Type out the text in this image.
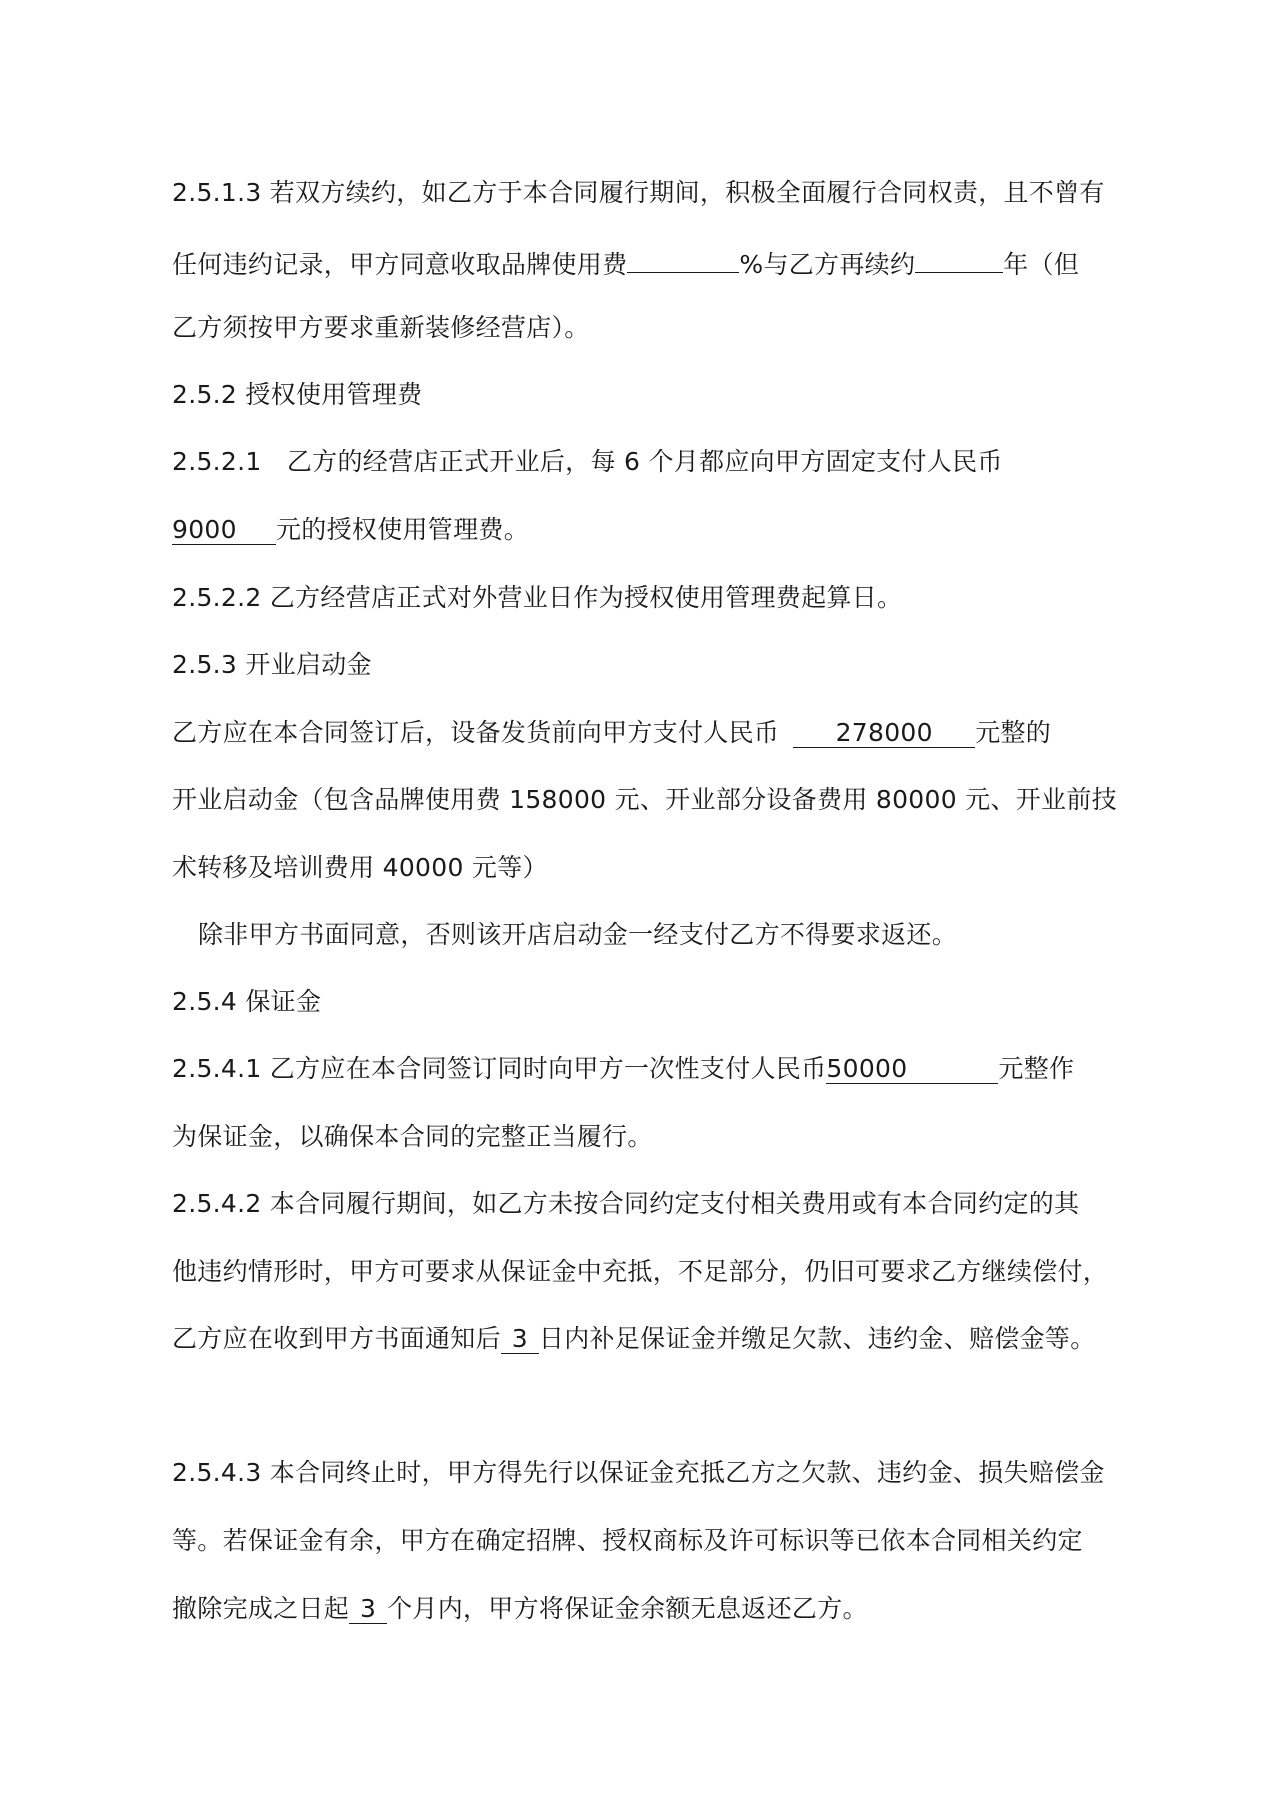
2.5.1.3 若双方续约，如乙方于本合同履行期间，积极全面履行合同权责，且不曾有
任何违约记录，甲方同意收取品牌使用费	%与乙方再续约	年（但
乙方须按甲方要求重新装修经营店）。
2.5.2 授权使用管理费
2.5.2.1　乙方的经营店正式开业后，每 6 个月都应向甲方固定支付人民币
9000 元的授权使用管理费。
2.5.2.2 乙方经营店正式对外营业日作为授权使用管理费起算日。
2.5.3 开业启动金
乙方应在本合同签订后，设备发货前向甲方支付人民币 278000 元整的
开业启动金（包含品牌使用费 158000 元、开业部分设备费用 80000 元、开业前技
术转移及培训费用 40000 元等）
除非甲方书面同意，否则该开店启动金一经支付乙方不得要求返还。
2.5.4 保证金
2.5.4.1 乙方应在本合同签订同时向甲方一次性支付人民币50000	元整作
为保证金，以确保本合同的完整正当履行。
2.5.4.2 本合同履行期间，如乙方未按合同约定支付相关费用或有本合同约定的其
他违约情形时，甲方可要求从保证金中充抵，不足部分，仍旧可要求乙方继续偿付，
乙方应在收到甲方书面通知后 3 日内补足保证金并缴足欠款、违约金、赔偿金等。
2.5.4.3 本合同终止时，甲方得先行以保证金充抵乙方之欠款、违约金、损失赔偿金
等。若保证金有余，甲方在确定招牌、授权商标及许可标识等已依本合同相关约定
撤除完成之日起 3 个月内，甲方将保证金余额无息返还乙方。
